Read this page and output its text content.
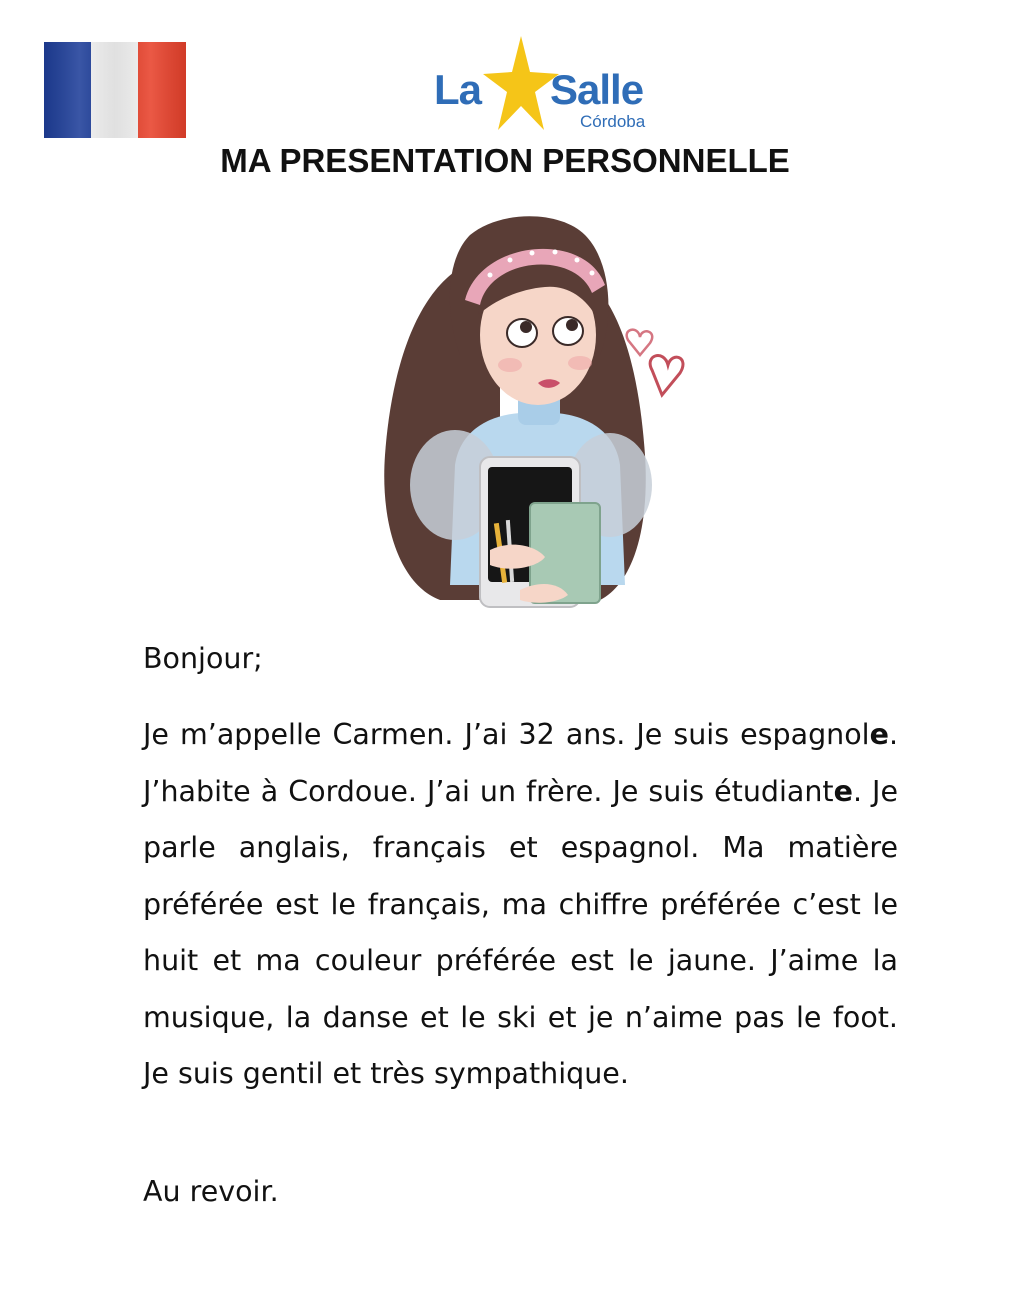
La Salle
Córdoba
MA PRESENTATION PERSONNELLE
Bonjour;
Je m’appelle Carmen. J’ai 32 ans. Je suis espagnole. J’habite à Cordoue. J’ai un frère. Je suis étudiante. Je parle anglais, français et espagnol. Ma matière préférée est le français, ma chiffre préférée c’est le huit et ma couleur préférée est le jaune. J’aime la musique, la danse et le ski et je n’aime pas le foot. Je suis gentil et très sympathique.
Au revoir.
